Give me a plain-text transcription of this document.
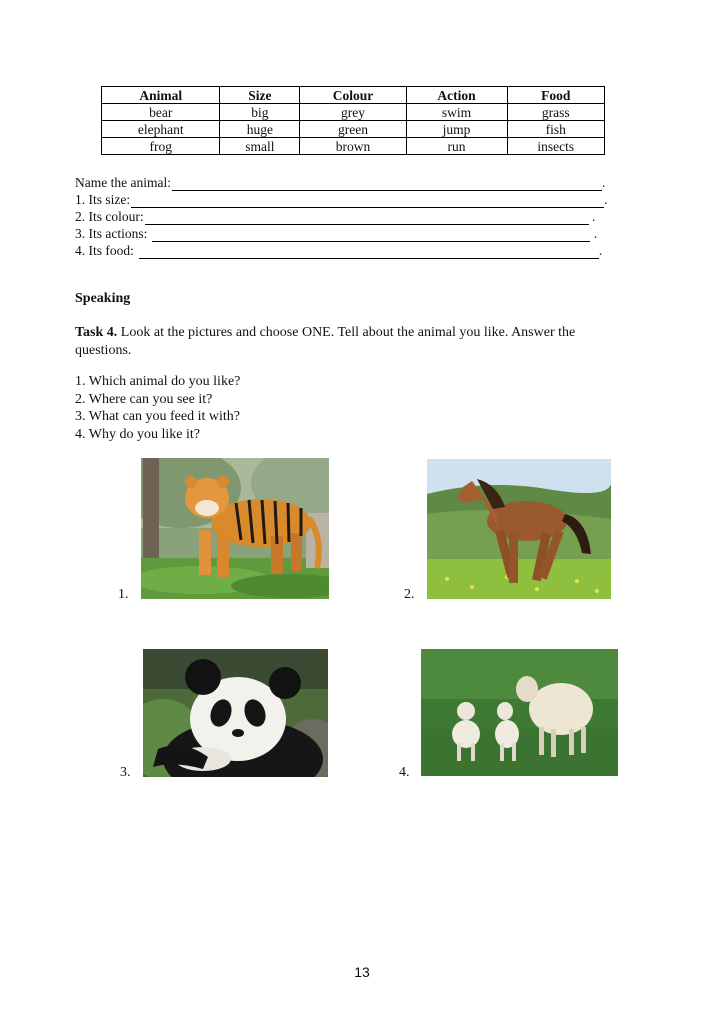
Animal	Size	Colour	Action	Food
bear	big	grey	swim	grass
elephant	huge	green	jump	fish
frog	small	brown	run	insects
Name the animal:	.
1. Its size:	.
2. Its colour:	.
3. Its actions:	.
4. Its food:	.
Speaking
Task 4. Look at the pictures and choose ONE. Tell about the animal you like. Answer the questions.
1. Which animal do you like?
2. Where can you see it?
3. What can you feed it with?
4. Why do you like it?
1.	2.
3.	4.
13
